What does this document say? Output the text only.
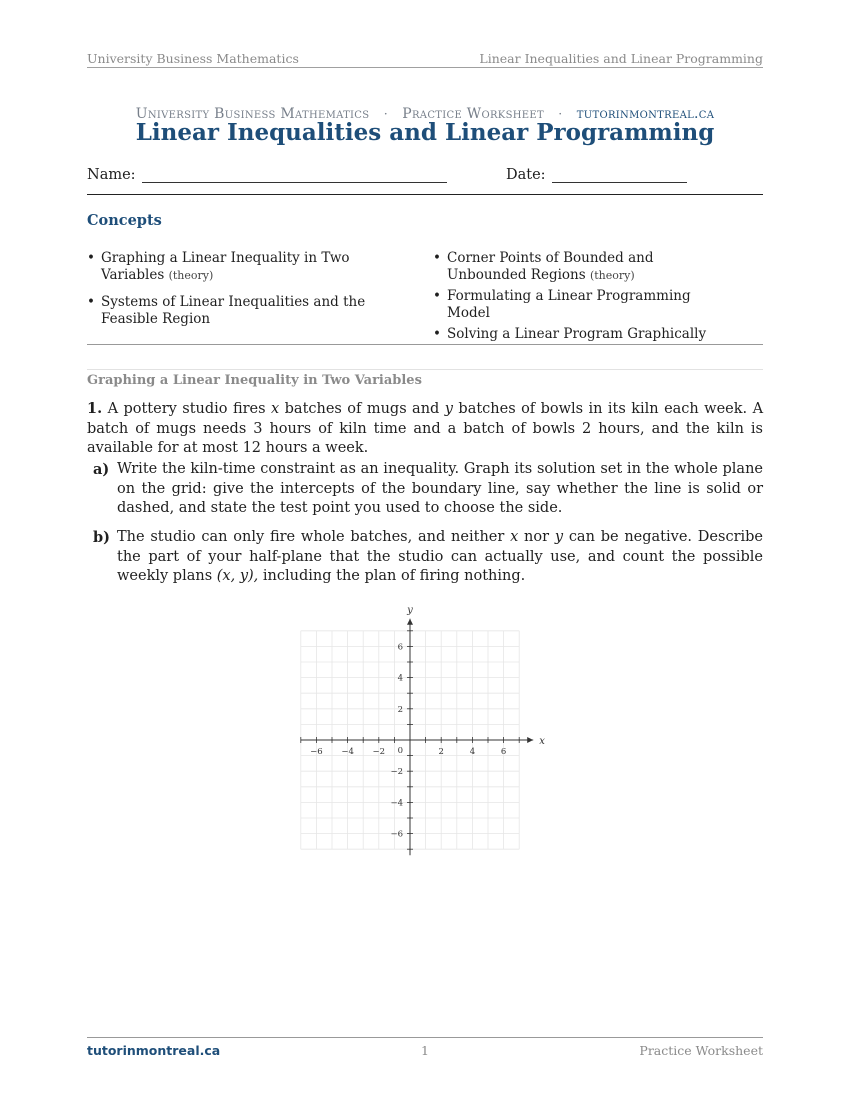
University Business Mathematics	Linear Inequalities and Linear Programming
University Business Mathematics · Practice Worksheet · tutorinmontreal.ca
Linear Inequalities and Linear Programming
Name:	Date:
Concepts
• Graphing a Linear Inequality in Two Variables (theory)
• Systems of Linear Inequalities and the Feasible Region
• Corner Points of Bounded and Unbounded Regions (theory)
• Formulating a Linear Programming Model
• Solving a Linear Program Graphically
Graphing a Linear Inequality in Two Variables
1. A pottery studio fires x batches of mugs and y batches of bowls in its kiln each week. A batch of mugs needs 3 hours of kiln time and a batch of bowls 2 hours, and the kiln is available for at most 12 hours a week.
a) Write the kiln-time constraint as an inequality. Graph its solution set in the whole plane on the grid: give the intercepts of the boundary line, say whether the line is solid or dashed, and state the test point you used to choose the side.
b) The studio can only fire whole batches, and neither x nor y can be negative. Describe the part of your half-plane that the studio can actually use, and count the possible weekly plans (x, y), including the plan of firing nothing.
−6 −4 −2	2	4	6
6
4
2
−2
−4
−6
0
x
y
tutorinmontreal.ca	1	Practice Worksheet
